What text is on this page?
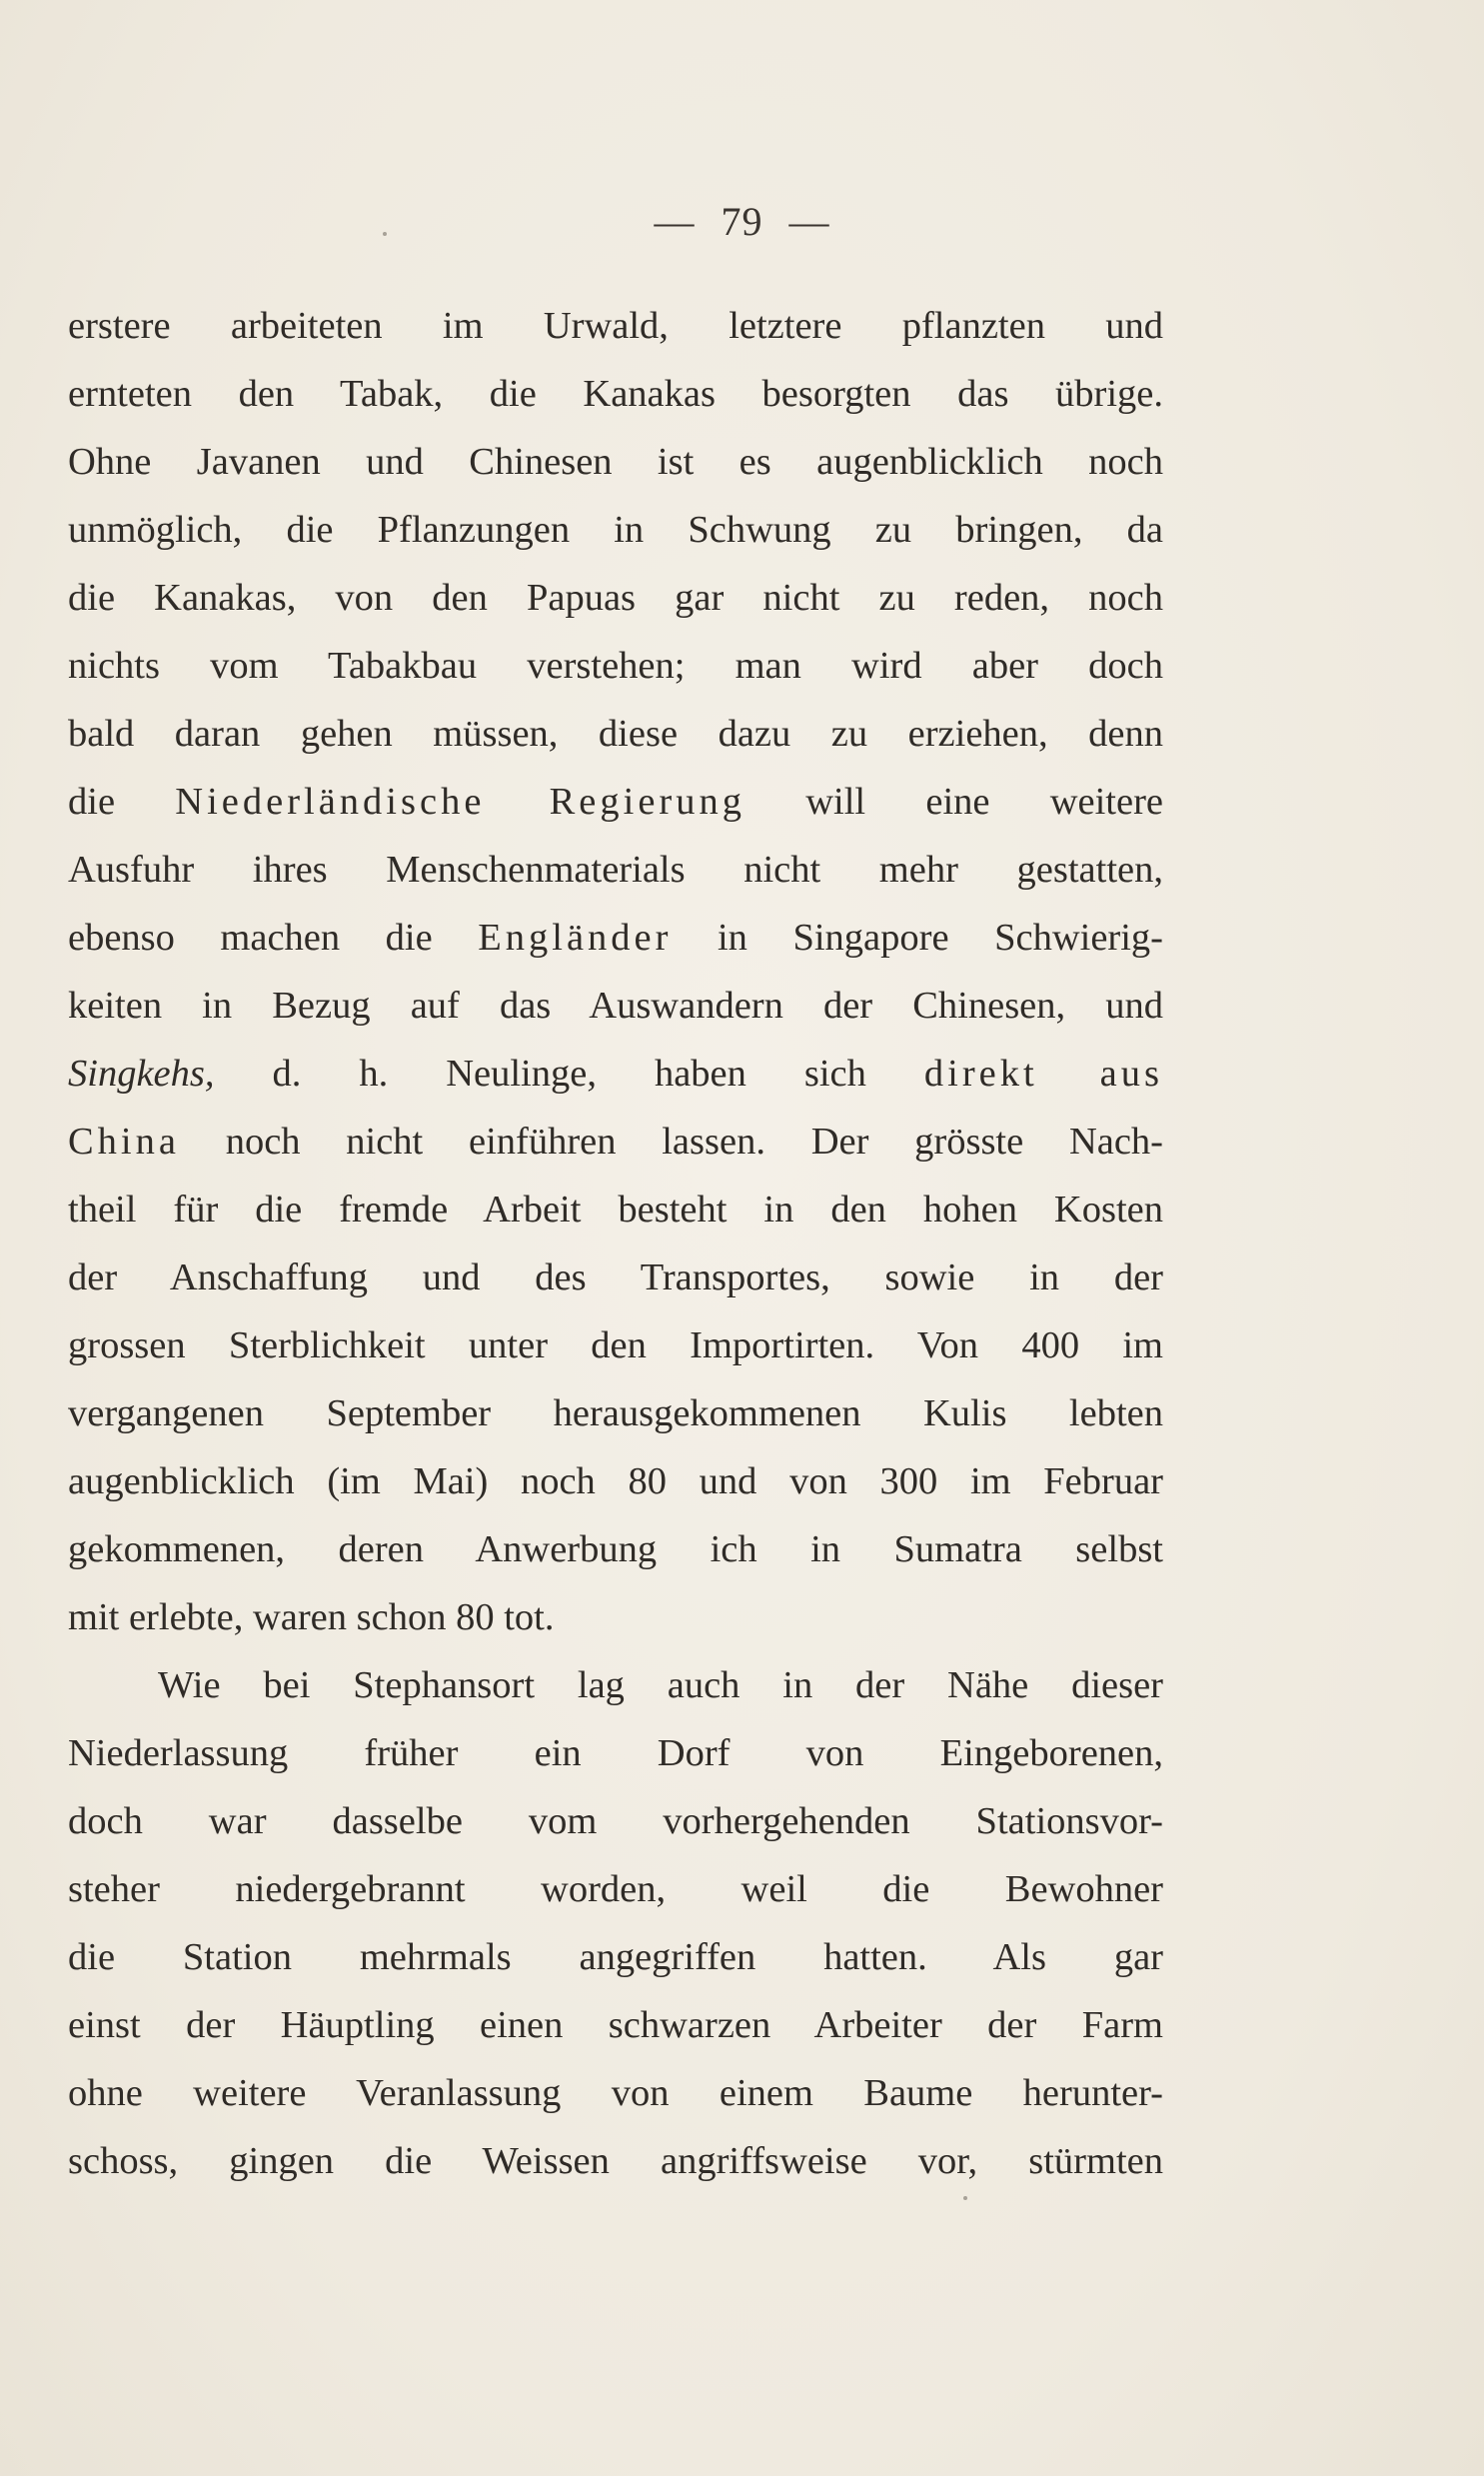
— 79 —
erstere arbeiteten im Urwald, letztere pflanzten und
ernteten den Tabak, die Kanakas besorgten das übrige.
Ohne Javanen und Chinesen ist es augenblicklich noch
unmöglich, die Pflanzungen in Schwung zu bringen, da
die Kanakas, von den Papuas gar nicht zu reden, noch
nichts vom Tabakbau verstehen; man wird aber doch
bald daran gehen müssen, diese dazu zu erziehen, denn
die Niederländische Regierung will eine weitere
Ausfuhr ihres Menschenmaterials nicht mehr gestatten,
ebenso machen die Engländer in Singapore Schwierig-
keiten in Bezug auf das Auswandern der Chinesen, und
Singkehs, d. h. Neulinge, haben sich direkt aus
China noch nicht einführen lassen. Der grösste Nach-
theil für die fremde Arbeit besteht in den hohen Kosten
der Anschaffung und des Transportes, sowie in der
grossen Sterblichkeit unter den Importirten. Von 400 im
vergangenen September herausgekommenen Kulis lebten
augenblicklich (im Mai) noch 80 und von 300 im Februar
gekommenen, deren Anwerbung ich in Sumatra selbst
mit erlebte, waren schon 80 tot.
Wie bei Stephansort lag auch in der Nähe dieser
Niederlassung früher ein Dorf von Eingeborenen,
doch war dasselbe vom vorhergehenden Stationsvor-
steher niedergebrannt worden, weil die Bewohner
die Station mehrmals angegriffen hatten. Als gar
einst der Häuptling einen schwarzen Arbeiter der Farm
ohne weitere Veranlassung von einem Baume herunter-
schoss, gingen die Weissen angriffsweise vor, stürmten
